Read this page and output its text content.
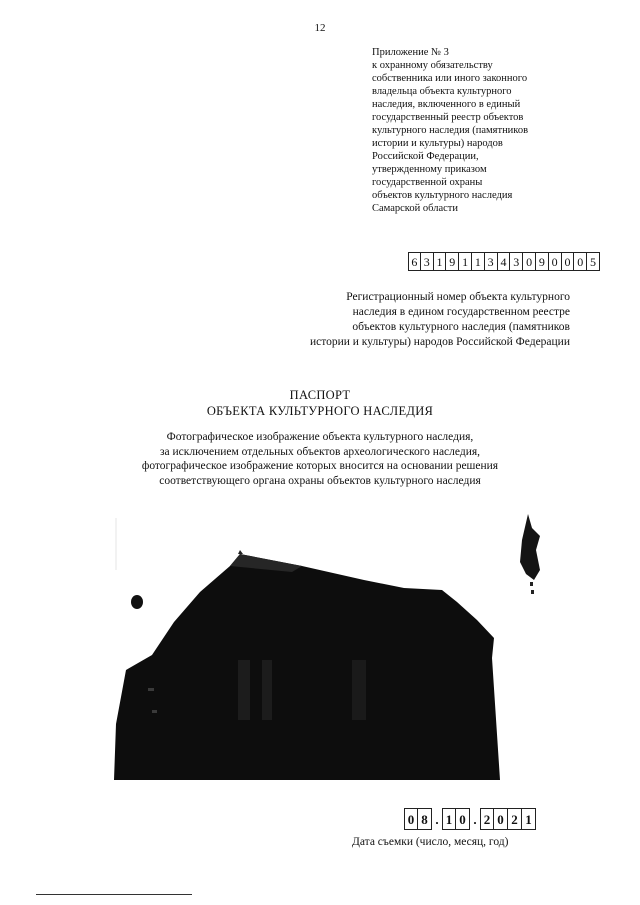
12
Приложение № 3
к охранному обязательству
собственника или иного законного
владельца объекта культурного
наследия, включенного в единый
государственный реестр объектов
культурного наследия (памятников
истории и культуры) народов
Российской Федерации,
утвержденному приказом
государственной охраны
объектов культурного наследия
Самарской области
6 3 1 9 1 1 3 4 3 0 9 0 0 0 5
Регистрационный номер объекта культурного
наследия в едином государственном реестре
объектов культурного наследия (памятников
истории и культуры) народов Российской Федерации
ПАСПОРТ
ОБЪЕКТА КУЛЬТУРНОГО НАСЛЕДИЯ
Фотографическое изображение объекта культурного наследия,
за исключением отдельных объектов археологического наследия,
фотографическое изображение которых вносится на основании решения
соответствующего органа охраны объектов культурного наследия
0 8 . 1 0 . 2 0 2 1
Дата съемки (число, месяц, год)
